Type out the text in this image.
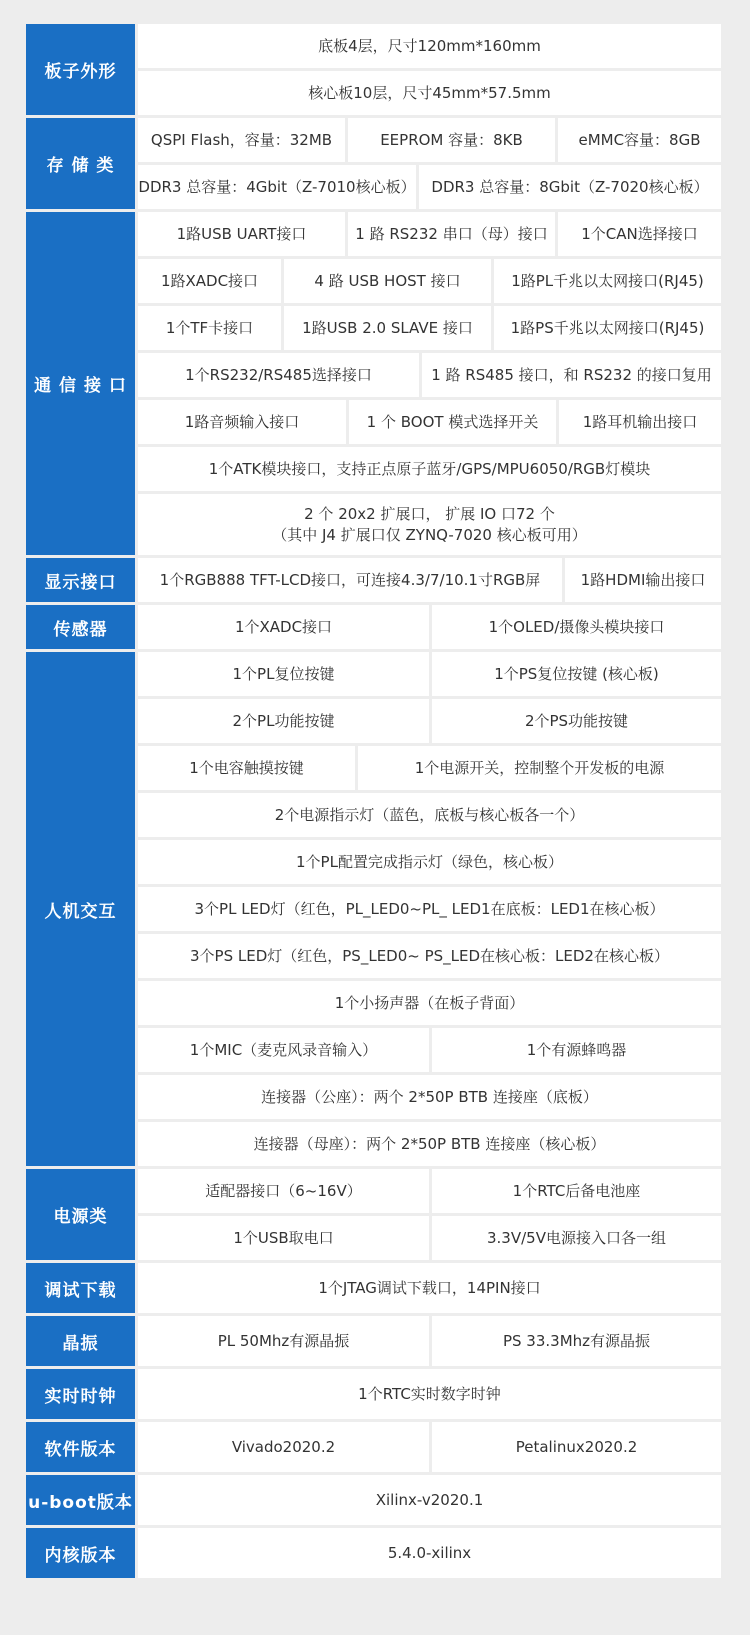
板子外形
底板4层，尺寸120mm*160mm
核心板10层，尺寸45mm*57.5mm
存 储 类
QSPI Flash，容量：32MB	EEPROM 容量：8KB	eMMC容量：8GB
DDR3 总容量：4Gbit（Z-7010核心板）	DDR3 总容量：8Gbit（Z-7020核心板）
通 信 接 口
1路USB UART接口	1 路 RS232 串口（母）接口	1个CAN选择接口
1路XADC接口	4 路 USB HOST 接口	1路PL千兆以太网接口(RJ45)
1个TF卡接口	1路USB 2.0 SLAVE 接口	1路PS千兆以太网接口(RJ45)
1个RS232/RS485选择接口	1 路 RS485 接口，和 RS232 的接口复用
1路音频输入接口	1 个 BOOT 模式选择开关	1路耳机输出接口
1个ATK模块接口，支持正点原子蓝牙/GPS/MPU6050/RGB灯模块
2 个 20x2 扩展口， 扩展 IO 口72 个
（其中 J4 扩展口仅 ZYNQ-7020 核心板可用）
显示接口	1个RGB888 TFT-LCD接口，可连接4.3/7/10.1寸RGB屏	1路HDMI输出接口
传感器	1个XADC接口	1个OLED/摄像头模块接口
人机交互
1个PL复位按键	1个PS复位按键 (核心板)
2个PL功能按键	2个PS功能按键
1个电容触摸按键	1个电源开关，控制整个开发板的电源
2个电源指示灯（蓝色，底板与核心板各一个）
1个PL配置完成指示灯（绿色，核心板）
3个PL LED灯（红色，PL_LED0~PL_ LED1在底板：LED1在核心板）
3个PS LED灯（红色，PS_LED0~ PS_LED在核心板：LED2在核心板）
1个小扬声器（在板子背面）
1个MIC（麦克风录音输入）	1个有源蜂鸣器
连接器（公座）：两个 2*50P BTB 连接座（底板）
连接器（母座）：两个 2*50P BTB 连接座（核心板）
电源类
适配器接口（6~16V）	1个RTC后备电池座
1个USB取电口	3.3V/5V电源接入口各一组
调试下载	1个JTAG调试下载口，14PIN接口
晶振	PL 50Mhz有源晶振	PS 33.3Mhz有源晶振
实时时钟	1个RTC实时数字时钟
软件版本	Vivado2020.2	Petalinux2020.2
u-boot版本	Xilinx-v2020.1
内核版本	5.4.0-xilinx
